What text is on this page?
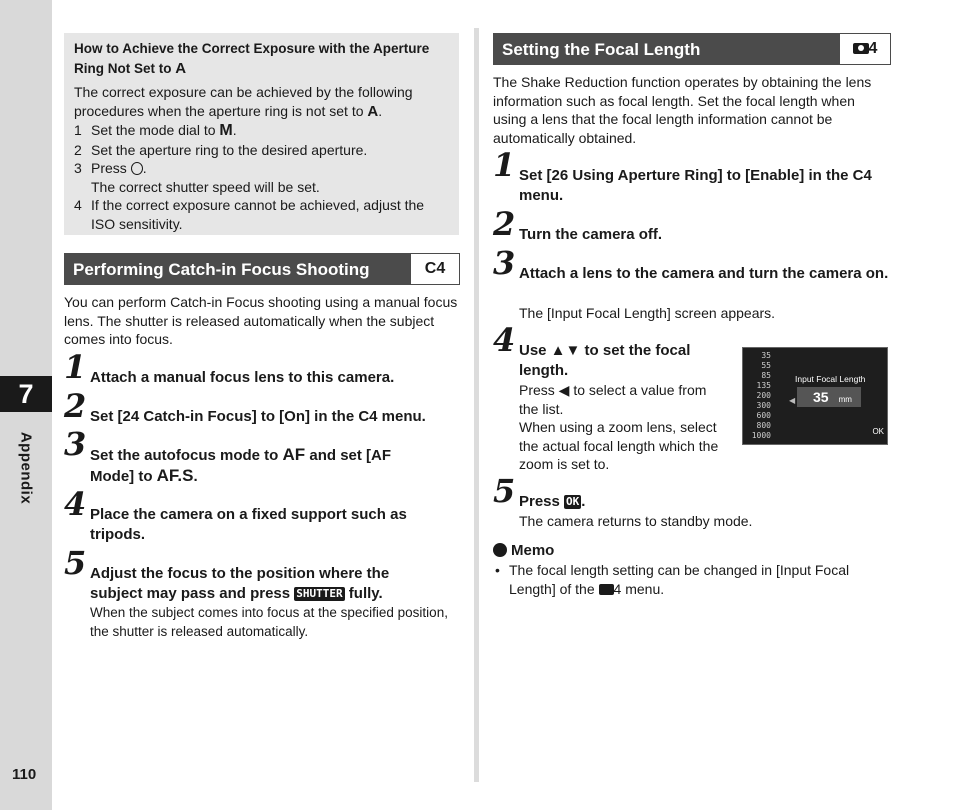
7
Appendix
110
How to Achieve the Correct Exposure with the Aperture Ring Not Set to A

The correct exposure can be achieved by the following procedures when the aperture ring is not set to A.

1 Set the mode dial to M.
2 Set the aperture ring to the desired aperture.
3 Press .
The correct shutter speed will be set.
4 If the correct exposure cannot be achieved, adjust the ISO sensitivity.
Performing Catch-in Focus Shooting	C4
You can perform Catch-in Focus shooting using a manual focus lens. The shutter is released automatically when the subject comes into focus.
1 Attach a manual focus lens to this camera.
2 Set [24 Catch-in Focus] to [On] in the C4 menu.
3 Set the autofocus mode to AF and set [AF Mode] to AF.S.
4 Place the camera on a fixed support such as tripods.
5 Adjust the focus to the position where the subject may pass and press SHUTTER fully.
When the subject comes into focus at the specified position, the shutter is released automatically.
Setting the Focal Length	4
The Shake Reduction function operates by obtaining the lens information such as focal length. Set the focal length when using a lens that the focal length information cannot be automatically obtained.
1 Set [26 Using Aperture Ring] to [Enable] in the C4 menu.
2 Turn the camera off.
3 Attach a lens to the camera and turn the camera on.
The [Input Focal Length] screen appears.
4 Use ▲▼ to set the focal length.
Press ◀ to select a value from the list.
When using a zoom lens, select the actual focal length which the zoom is set to.
35
55
85
135
200
300
600
800
1000
Input Focal Length
◀	35 mm
OK
5 Press OK .
The camera returns to standby mode.
Memo
• The focal length setting can be changed in [Input Focal Length] of the 4 menu.
